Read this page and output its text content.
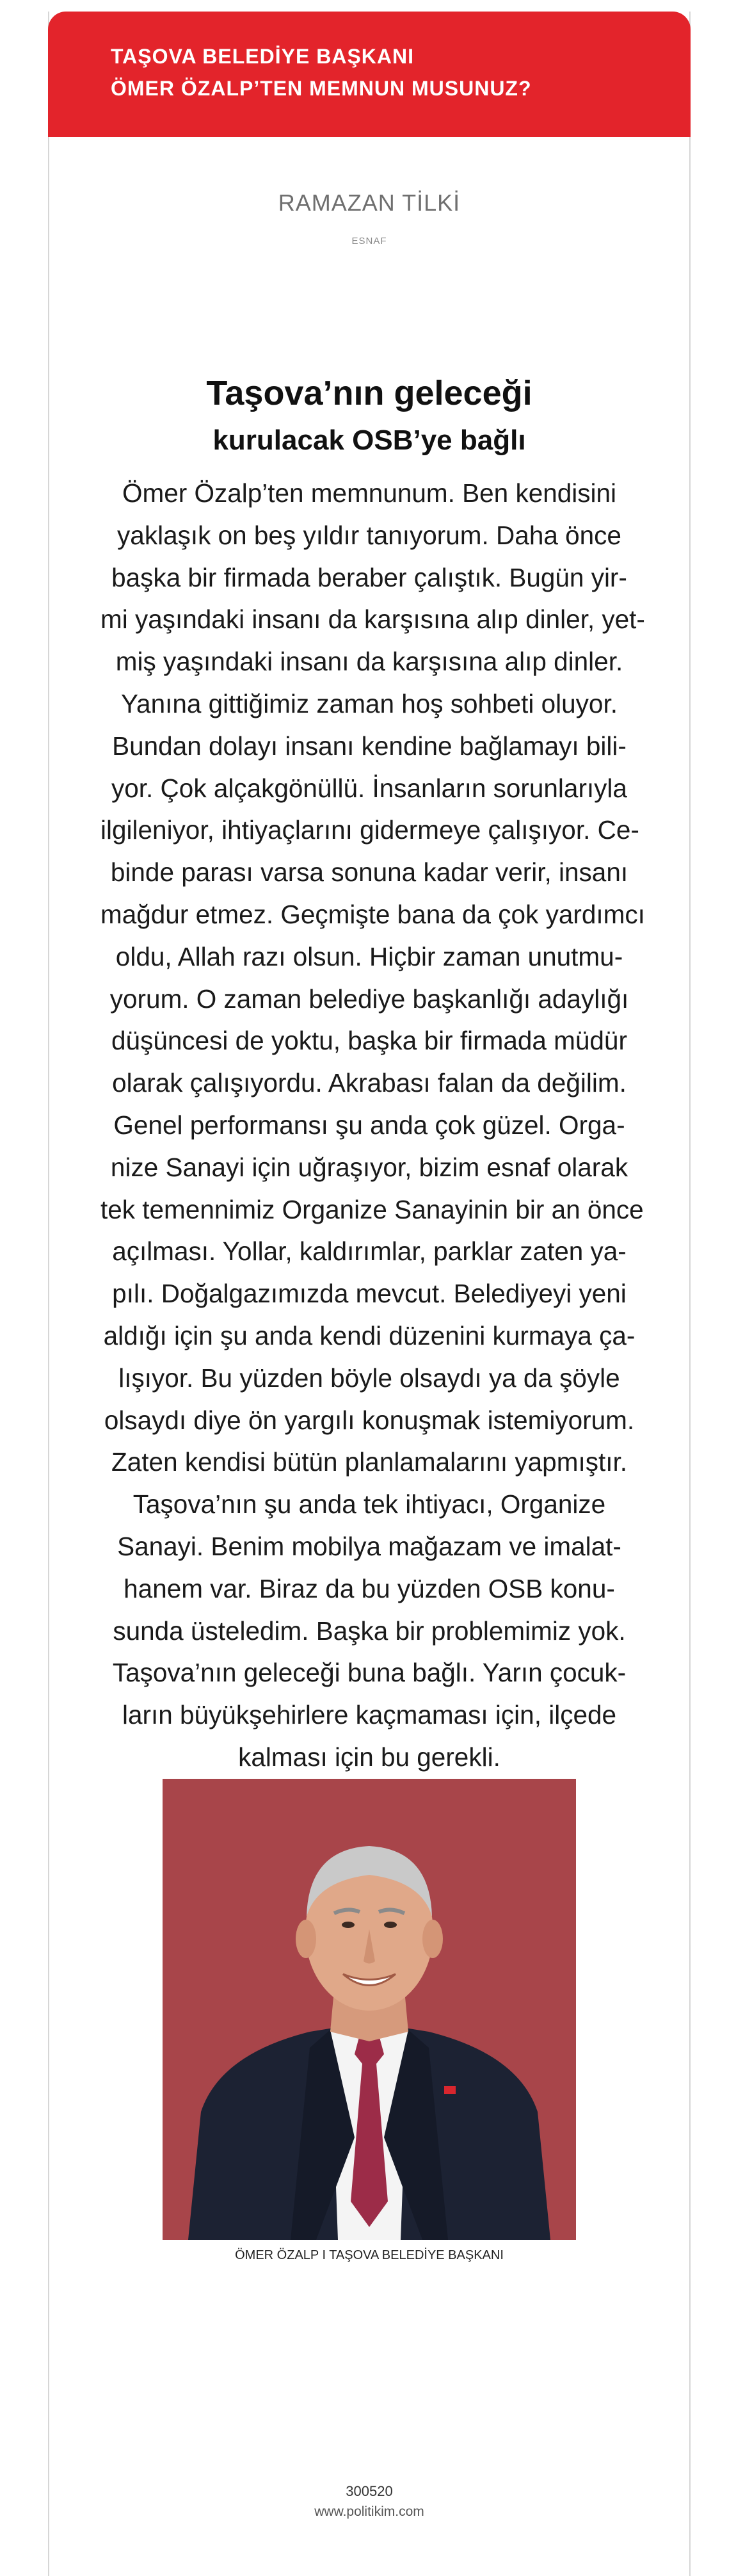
TAŞOVA BELEDİYE BAŞKANI
ÖMER ÖZALP’TEN MEMNUN MUSUNUZ?
RAMAZAN TİLKİ
ESNAF
Taşova’nın geleceği
kurulacak OSB’ye bağlı
Ömer Özalp’ten memnunum. Ben kendisini
yaklaşık on beş yıldır tanıyorum. Daha önce
başka bir firmada beraber çalıştık. Bugün yir-
mi yaşındaki insanı da karşısına alıp dinler, yet-
miş yaşındaki insanı da karşısına alıp dinler.
Yanına gittiğimiz zaman hoş sohbeti oluyor.
Bundan dolayı insanı kendine bağlamayı bili-
yor. Çok alçakgönüllü. İnsanların sorunlarıyla
ilgileniyor, ihtiyaçlarını gidermeye çalışıyor. Ce-
binde parası varsa sonuna kadar verir, insanı
mağdur etmez. Geçmişte bana da çok yardımcı
oldu, Allah razı olsun. Hiçbir zaman unutmu-
yorum. O zaman belediye başkanlığı adaylığı
düşüncesi de yoktu, başka bir firmada müdür
olarak çalışıyordu. Akrabası falan da değilim.
Genel performansı şu anda çok güzel. Orga-
nize Sanayi için uğraşıyor, bizim esnaf olarak
tek temennimiz Organize Sanayinin bir an önce
açılması. Yollar, kaldırımlar, parklar zaten ya-
pılı. Doğalgazımızda mevcut. Belediyeyi yeni
aldığı için şu anda kendi düzenini kurmaya ça-
lışıyor. Bu yüzden böyle olsaydı ya da şöyle
olsaydı diye ön yargılı konuşmak istemiyorum.
Zaten kendisi bütün planlamalarını yapmıştır.
Taşova’nın şu anda tek ihtiyacı, Organize
Sanayi. Benim mobilya mağazam ve imalat-
hanem var. Biraz da bu yüzden OSB konu-
sunda üsteledim. Başka bir problemimiz yok.
Taşova’nın geleceği buna bağlı. Yarın çocuk-
ların büyükşehirlere kaçmaması için, ilçede
kalması için bu gerekli.
ÖMER ÖZALP I TAŞOVA BELEDİYE BAŞKANI
300520
www.politikim.com
